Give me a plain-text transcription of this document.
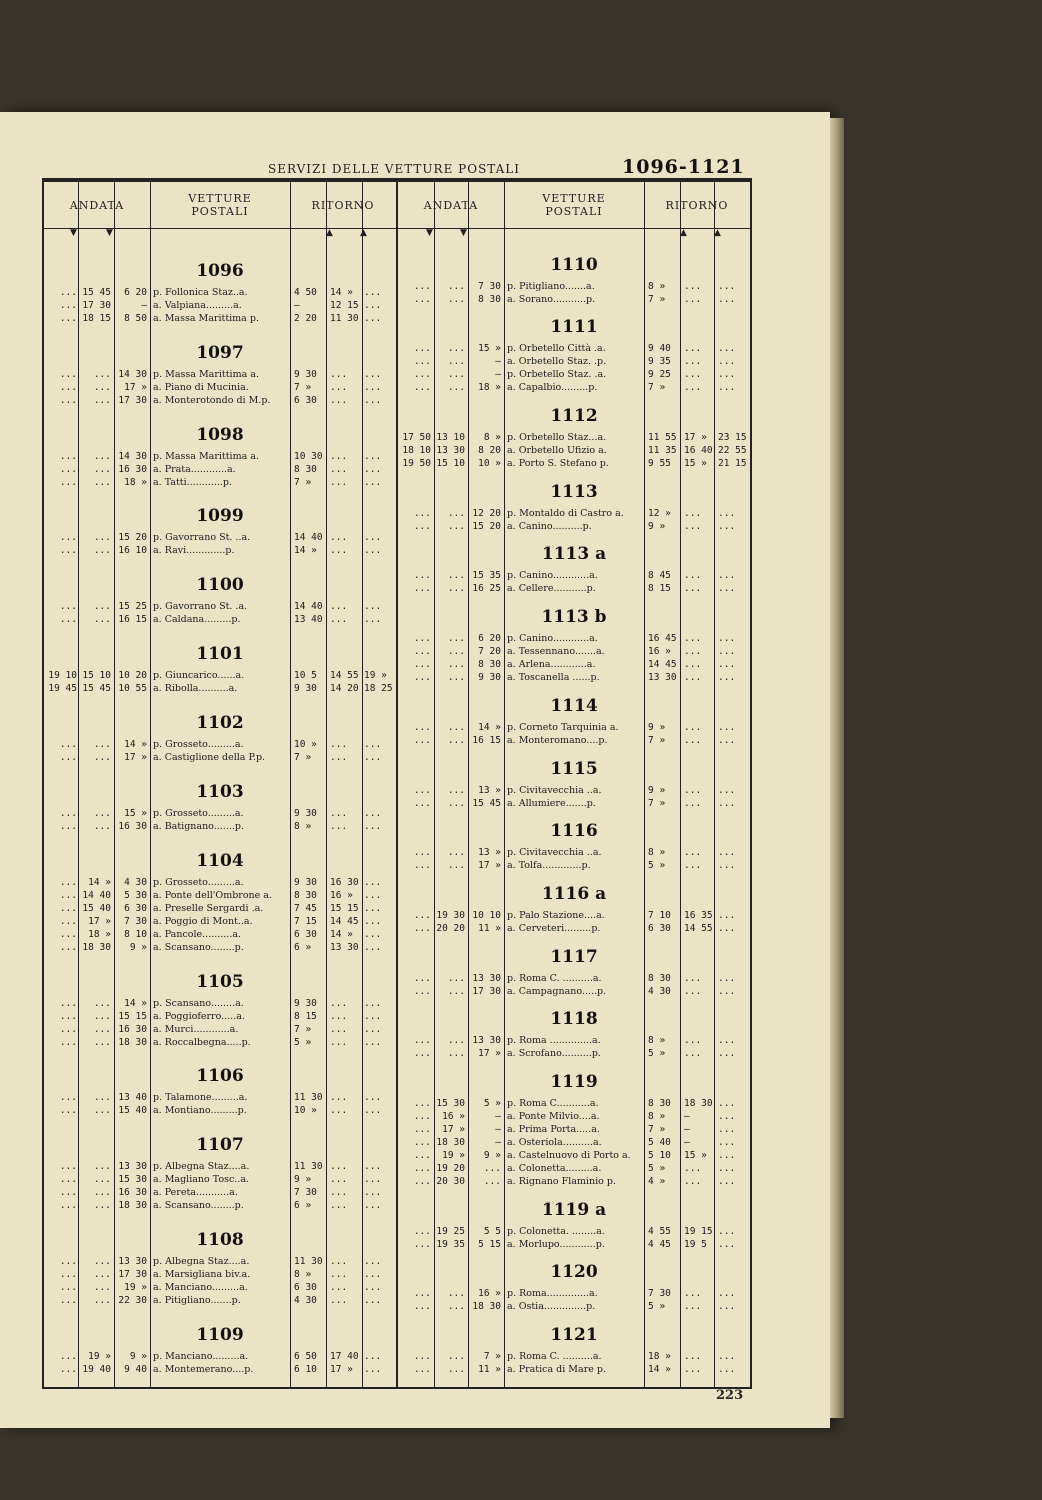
SERVIZI DELLE VETTURE POSTALI	1096-1121
ANDATA	VETTURE
POSTALI	RITORNO	ANDATA	VETTURE
POSTALI	RITORNO
▼	▼	▲	▲	▼	▼	▲	▲
1096
... 15 45	6 20 p. Follonica Staz..a.	4 50 14 » ...
... 17 30	— a. Valpiana.........a.	—	12 15 ...
... 18 15	8 50 a. Massa Marittima p.	2 20 11 30 ...
1097
...	... 14 30 p. Massa Marittima a.	9 30 ... ...
...	...	17 » a. Piano di Mucinia.	7 » ... ...
...	... 17 30 a. Monterotondo di M.p.	6 30 ... ...
1098
...	... 14 30 p. Massa Marittima a.	10 30 ... ...
...	... 16 30 a. Prata............a.	8 30 ... ...
...	...	18 » a. Tatti............p.	7 » ... ...
1099
...	... 15 20 p. Gavorrano St. ..a.	14 40 ... ...
...	... 16 10 a. Ravi.............p.	14 » ... ...
1100
...	... 15 25 p. Gavorrano St. .a.	14 40 ... ...
...	... 16 15 a. Caldana.........p.	13 40 ... ...
1101
19 10 15 10 10 20 p. Giuncarico......a.	10 5 14 55 19 »
19 45 15 45 10 55 a. Ribolla..........a.	9 30 14 20 18 25
1102
...	...	14 » p. Grosseto.........a.	10 » ... ...
...	...	17 » a. Castiglione della P.p.	7 » ... ...
1103
...	...	15 » p. Grosseto.........a.	9 30 ... ...
...	... 16 30 a. Batignano.......p.	8 » ... ...
1104
...	14 »	4 30 p. Grosseto.........a.	9 30 16 30 ...
... 14 40	5 30 a. Ponte dell'Ombrone a.	8 30 16 » ...
... 15 40	6 30 a. Preselle Sergardi .a.	7 45 15 15 ...
...	17 »	7 30 a. Poggio di Mont..a.	7 15 14 45 ...
...	18 »	8 10 a. Pancole..........a.	6 30 14 » ...
... 18 30	9 » a. Scansano........p.	6 » 13 30 ...
1105
...	...	14 » p. Scansano........a.	9 30 ... ...
...	... 15 15 a. Poggioferro.....a.	8 15 ... ...
...	... 16 30 a. Murci............a.	7 » ... ...
...	... 18 30 a. Roccalbegna.....p.	5 » ... ...
1106
...	... 13 40 p. Talamone.........a.	11 30 ... ...
...	... 15 40 a. Montiano.........p.	10 » ... ...
1107
...	... 13 30 p. Albegna Staz....a.	11 30 ... ...
...	... 15 30 a. Magliano Tosc..a.	9 » ... ...
...	... 16 30 a. Pereta...........a.	7 30 ... ...
...	... 18 30 a. Scansano........p.	6 » ... ...
1108
...	... 13 30 p. Albegna Staz....a.	11 30 ... ...
...	... 17 30 a. Marsigliana biv.a.	8 » ... ...
...	...	19 » a. Manciano.........a.	6 30 ... ...
...	... 22 30 a. Pitigliano.......p.	4 30 ... ...
1109
...	19 »	9 » p. Manciano.........a.	6 50 17 40 ...
... 19 40	9 40 a. Montemerano....p.	6 10 17 » ...
1110
...	...	7 30 p. Pitigliano.......a.	8 » ... ...
...	...	8 30 a. Sorano...........p.	7 » ... ...
1111
...	...	15 » p. Orbetello Città .a.	9 40 ... ...
...	...	— a. Orbetello Staz. .p.	9 35 ... ...
...	...	— p. Orbetello Staz. .a.	9 25 ... ...
...	...	18 » a. Capalbio.........p.	7 » ... ...
1112
17 50 13 10	8 » p. Orbetello Staz...a.	11 55 17 » 23 15
18 10 13 30	8 20 a. Orbetello Ufizio a.	11 35 16 40 22 55
19 50 15 10	10 » a. Porto S. Stefano p.	9 55 15 » 21 15
1113
...	... 12 20 p. Montaldo di Castro a.	12 » ... ...
...	... 15 20 a. Canino..........p.	9 » ... ...
1113 a
...	... 15 35 p. Canino............a.	8 45 ... ...
...	... 16 25 a. Cellere...........p.	8 15 ... ...
1113 b
...	...	6 20 p. Canino............a.	16 45 ... ...
...	...	7 20 a. Tessennano.......a.	16 » ... ...
...	...	8 30 a. Arlena............a.	14 45 ... ...
...	...	9 30 a. Toscanella ......p.	13 30 ... ...
1114
...	...	14 » p. Corneto Tarquinia a.	9 » ... ...
...	... 16 15 a. Monteromano....p.	7 » ... ...
1115
...	...	13 » p. Civitavecchia ..a.	9 » ... ...
...	... 15 45 a. Allumiere.......p.	7 » ... ...
1116
...	...	13 » p. Civitavecchia ..a.	8 » ... ...
...	...	17 » a. Tolfa.............p.	5 » ... ...
1116 a
... 19 30 10 10 p. Palo Stazione....a.	7 10 16 35 ...
... 20 20	11 » a. Cerveteri.........p.	6 30 14 55 ...
1117
...	... 13 30 p. Roma C. ..........a.	8 30 ... ...
...	... 17 30 a. Campagnano.....p.	4 30 ... ...
1118
...	... 13 30 p. Roma ..............a.	8 » ... ...
...	...	17 » a. Scrofano..........p.	5 » ... ...
1119
... 15 30	5 » p. Roma C...........a.	8 30 18 30 ...
...	16 »	— a. Ponte Milvio....a.	8 » —	...
...	17 »	— a. Prima Porta.....a.	7 » —	...
... 18 30	— a. Osteriola..........a.	5 40 —	...
...	19 »	9 » a. Castelnuovo di Porto a.	5 10 15 » ...
... 19 20	... a. Colonetta.........a.	5 » ... ...
... 20 30	... a. Rignano Flaminio p.	4 » ... ...
1119 a
... 19 25	5 5 p. Colonetta. ........a.	4 55 19 15 ...
... 19 35	5 15 a. Morlupo............p.	4 45 19 5 ...
1120
...	...	16 » p. Roma..............a.	7 30 ... ...
...	... 18 30 a. Ostia..............p.	5 » ... ...
1121
...	...	7 » p. Roma C. ..........a.	18 » ... ...
...	...	11 » a. Pratica di Mare p.	14 » ... ...
223
